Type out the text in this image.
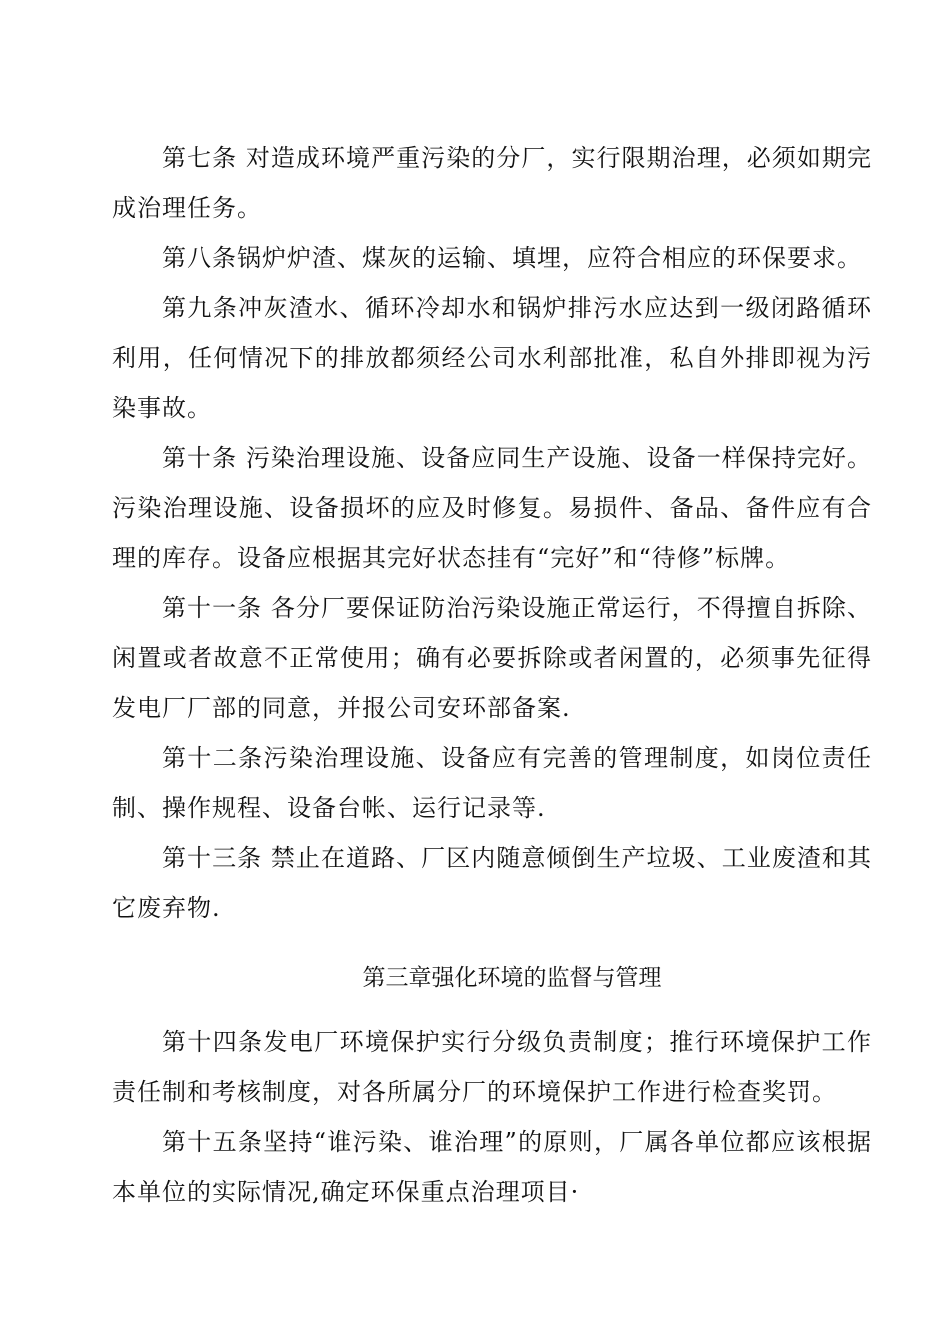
第七条 对造成环境严重污染的分厂，实行限期治理，必须如期完成治理任务。

第八条锅炉炉渣、煤灰的运输、填埋，应符合相应的环保要求。

第九条冲灰渣水、循环冷却水和锅炉排污水应达到一级闭路循环利用，任何情况下的排放都须经公司水利部批准，私自外排即视为污染事故。

第十条 污染治理设施、设备应同生产设施、设备一样保持完好。污染治理设施、设备损坏的应及时修复。易损件、备品、备件应有合理的库存。设备应根据其完好状态挂有“完好”和“待修”标牌。

第十一条 各分厂要保证防治污染设施正常运行，不得擅自拆除、闲置或者故意不正常使用；确有必要拆除或者闲置的，必须事先征得发电厂厂部的同意，并报公司安环部备案.

第十二条污染治理设施、设备应有完善的管理制度，如岗位责任制、操作规程、设备台帐、运行记录等.

第十三条 禁止在道路、厂区内随意倾倒生产垃圾、工业废渣和其它废弃物.

第三章强化环境的监督与管理

第十四条发电厂环境保护实行分级负责制度；推行环境保护工作责任制和考核制度，对各所属分厂的环境保护工作进行检查奖罚。

第十五条坚持“谁污染、谁治理”的原则，厂属各单位都应该根据本单位的实际情况,确定环保重点治理项目·
